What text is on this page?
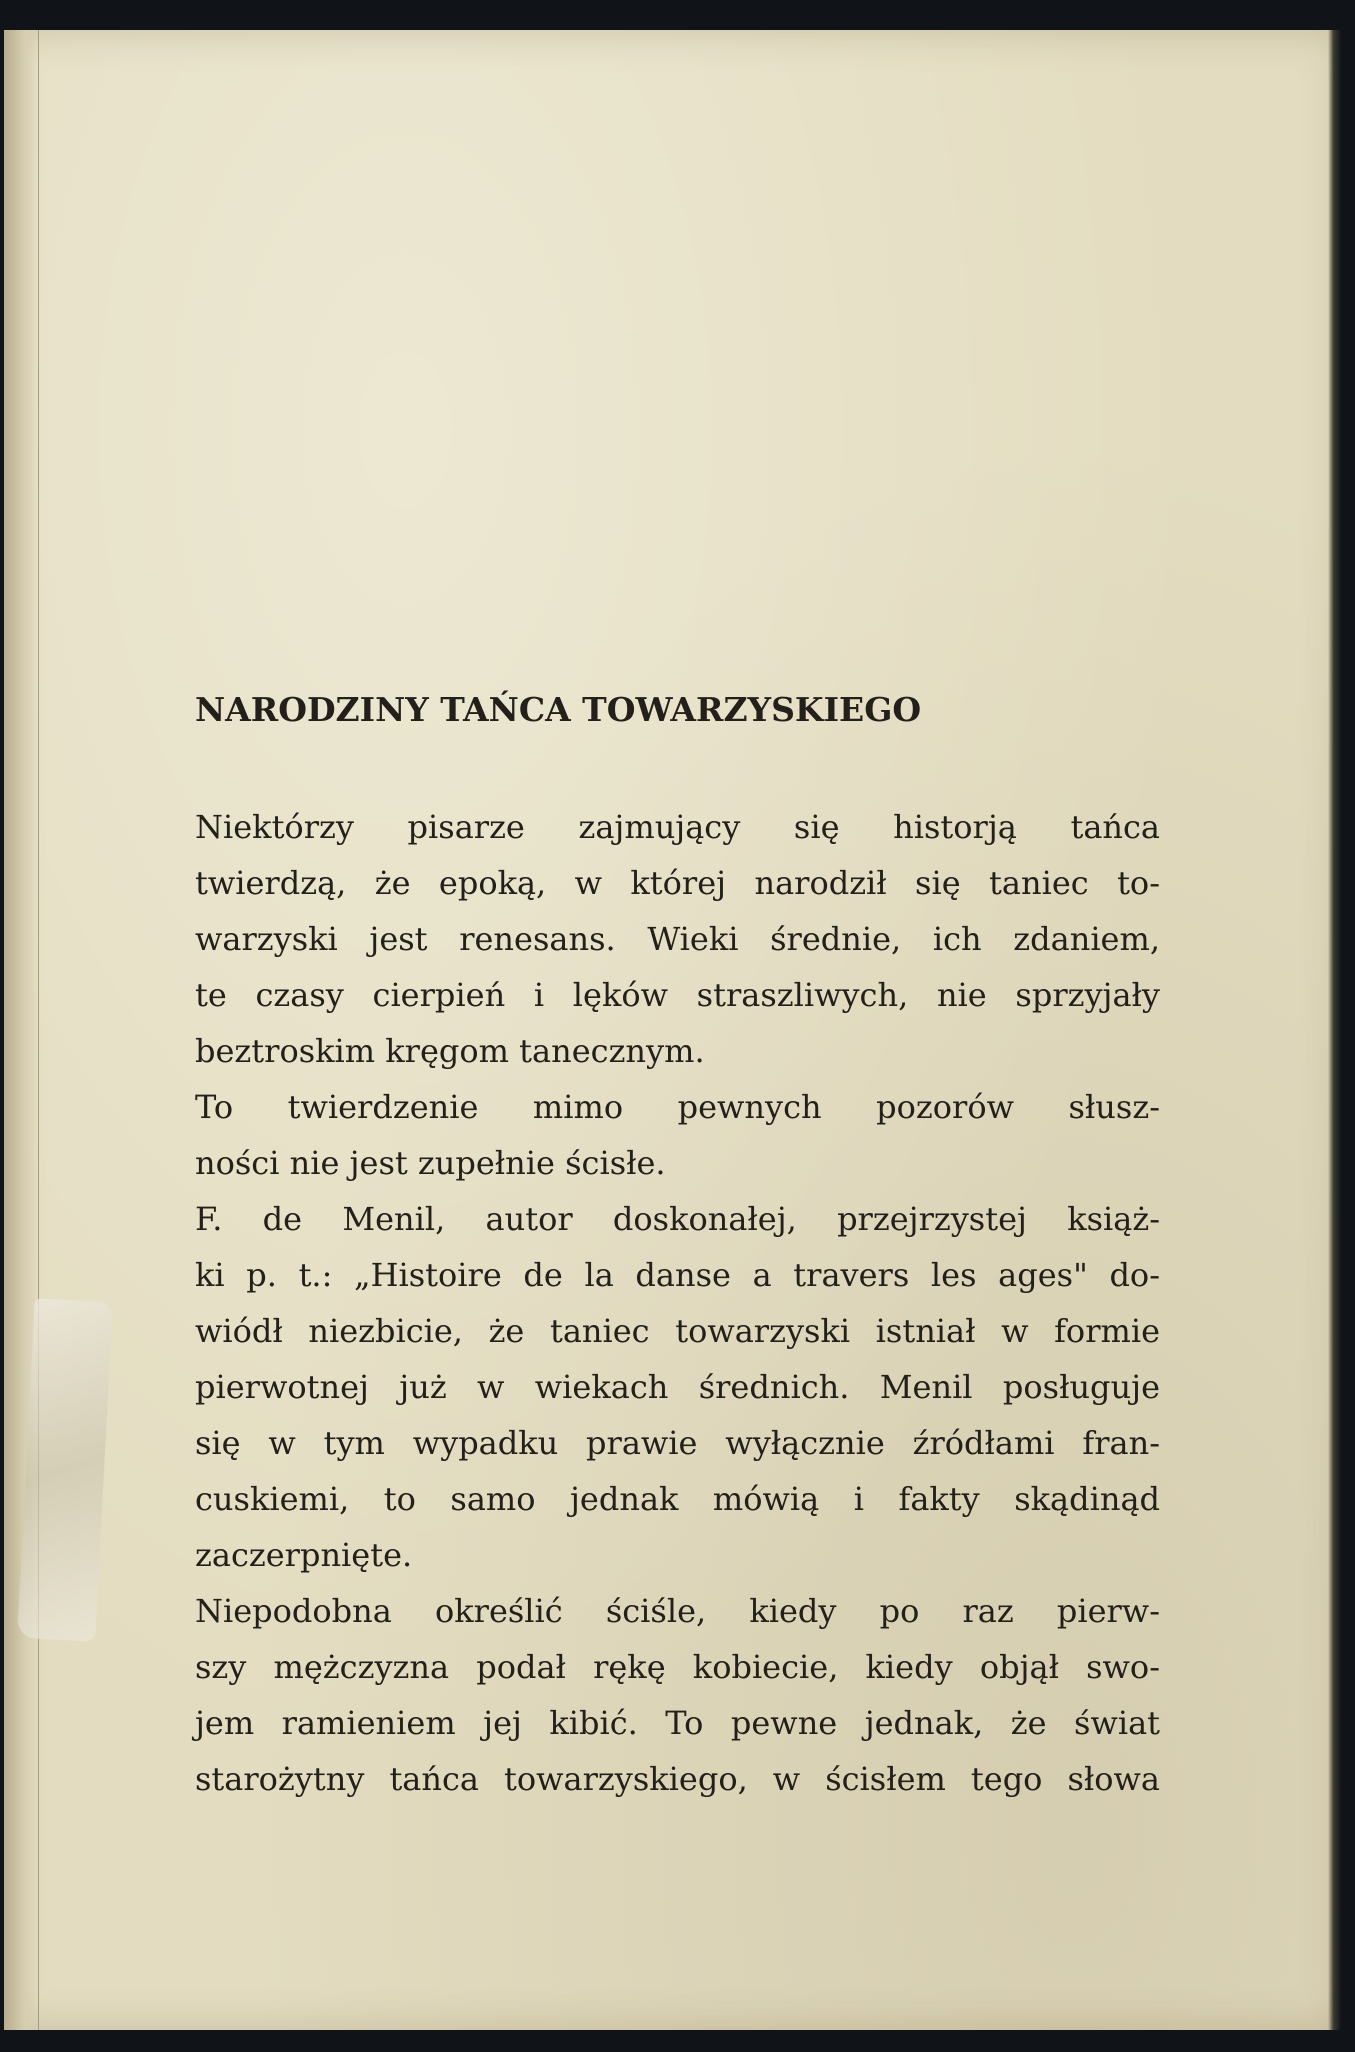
NARODZINY TAŃCA TOWARZYSKIEGO
Niektórzy pisarze zajmujący się historją tańca
twierdzą, że epoką, w której narodził się taniec to-
warzyski jest renesans. Wieki średnie, ich zdaniem,
te czasy cierpień i lęków straszliwych, nie sprzyjały
beztroskim kręgom tanecznym.
To twierdzenie mimo pewnych pozorów słusz-
ności nie jest zupełnie ścisłe.
F. de Menil, autor doskonałej, przejrzystej książ-
ki p. t.: „Histoire de la danse a travers les ages" do-
wiódł niezbicie, że taniec towarzyski istniał w formie
pierwotnej już w wiekach średnich. Menil posługuje
się w tym wypadku prawie wyłącznie źródłami fran-
cuskiemi, to samo jednak mówią i fakty skądinąd
zaczerpnięte.
Niepodobna określić ściśle, kiedy po raz pierw-
szy mężczyzna podał rękę kobiecie, kiedy objął swo-
jem ramieniem jej kibić. To pewne jednak, że świat
starożytny tańca towarzyskiego, w ścisłem tego słowa
